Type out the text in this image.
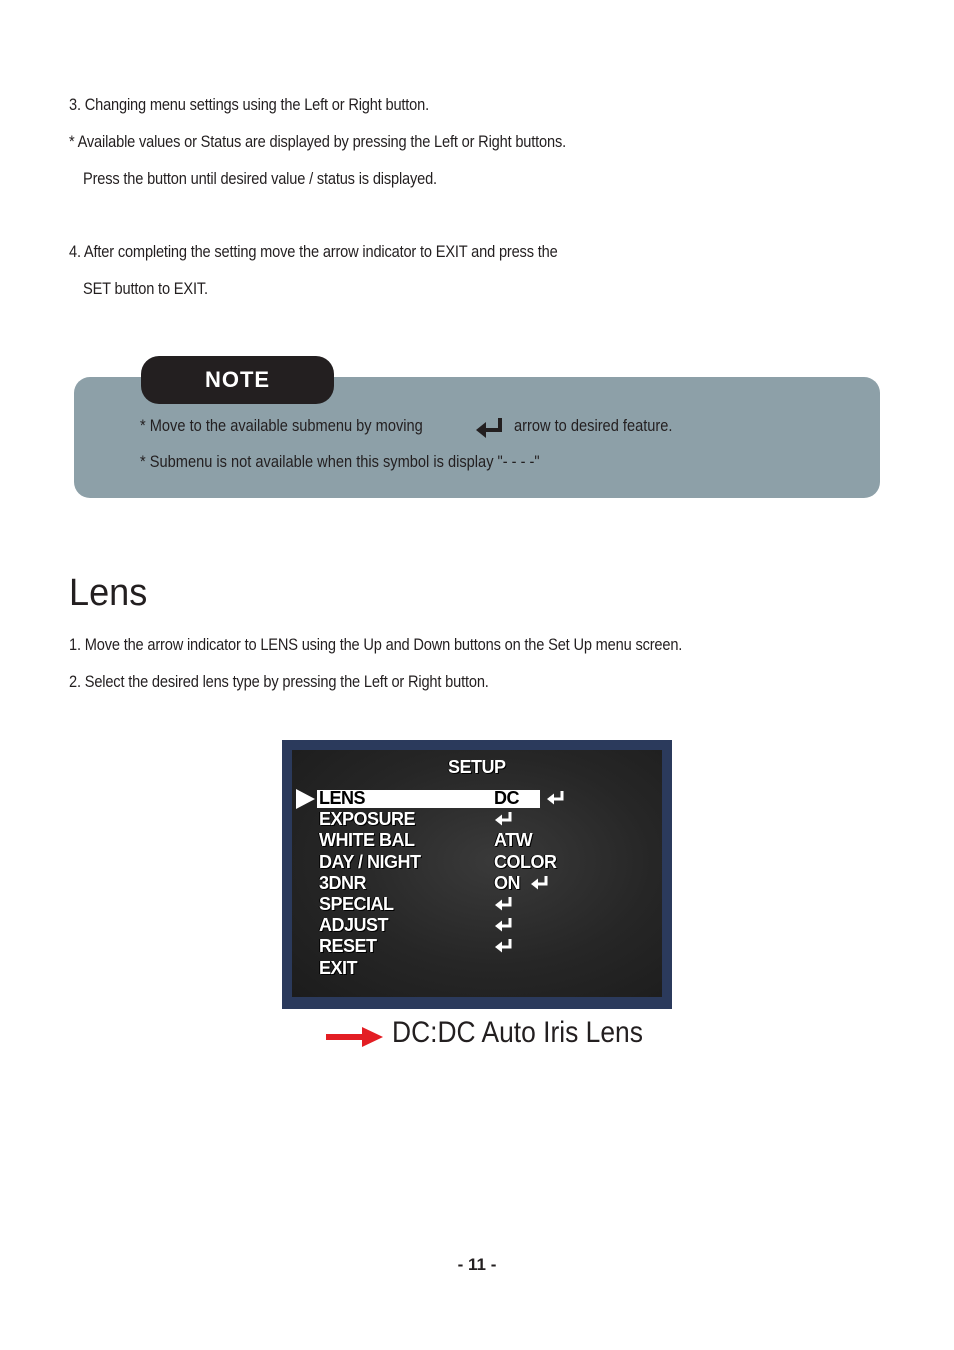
3. Changing menu settings using the Left or Right button.
* Available values or Status are displayed by pressing the Left or Right buttons.
Press the button until desired value / status is displayed.
4. After completing the setting move the arrow indicator to EXIT and press the
SET button to EXIT.
NOTE
* Move to the available submenu by moving	arrow to desired feature.
* Submenu is not available when this symbol is display "- - - -"
Lens
1. Move the arrow indicator to LENS using the Up and Down buttons on the Set Up menu screen.
2. Select the desired lens type by pressing the Left or Right button.
SETUP
LENS	DC
EXPOSURE
WHITE BAL	ATW
DAY / NIGHT	COLOR
3DNR	ON
SPECIAL
ADJUST
RESET
EXIT
DC:DC Auto Iris Lens
- 11 -
